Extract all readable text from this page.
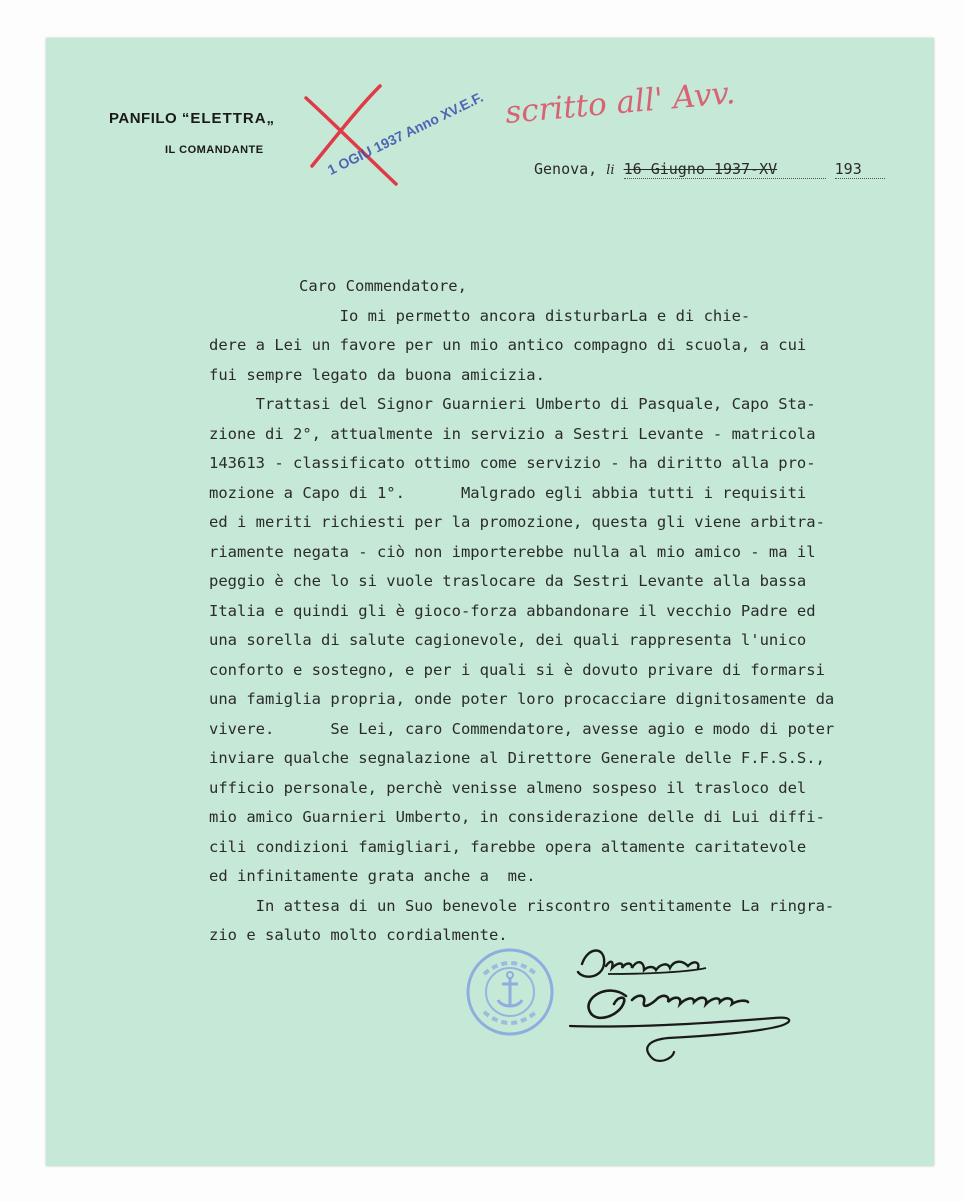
PANFILO “ELETTRA„
IL COMANDANTE	1 OGIU 1937 Anno XV.E.F. scritto all' Avv.
Genova, li 16 Giugno 1937-XV	193
Caro Commendatore,
Io mi permetto ancora disturbarLa e di chie-
dere a Lei un favore per un mio antico compagno di scuola, a cui
fui sempre legato da buona amicizia.
Trattasi del Signor Guarnieri Umberto di Pasquale, Capo Sta-
zione di 2°, attualmente in servizio a Sestri Levante - matricola
143613 - classificato ottimo come servizio - ha diritto alla pro-
mozione a Capo di 1°.      Malgrado egli abbia tutti i requisiti
ed i meriti richiesti per la promozione, questa gli viene arbitra-
riamente negata - ciò non importerebbe nulla al mio amico - ma il
peggio è che lo si vuole traslocare da Sestri Levante alla bassa
Italia e quindi gli è gioco-forza abbandonare il vecchio Padre ed
una sorella di salute cagionevole, dei quali rappresenta l'unico
conforto e sostegno, e per i quali si è dovuto privare di formarsi
una famiglia propria, onde poter loro procacciare dignitosamente da
vivere.      Se Lei, caro Commendatore, avesse agio e modo di poter
inviare qualche segnalazione al Direttore Generale delle F.F.S.S.,
ufficio personale, perchè venisse almeno sospeso il trasloco del
mio amico Guarnieri Umberto, in considerazione delle di Lui diffi-
cili condizioni famigliari, farebbe opera altamente caritatevole
ed infinitamente grata anche a  me.
In attesa di un Suo benevole riscontro sentitamente La ringra-
zio e saluto molto cordialmente.
